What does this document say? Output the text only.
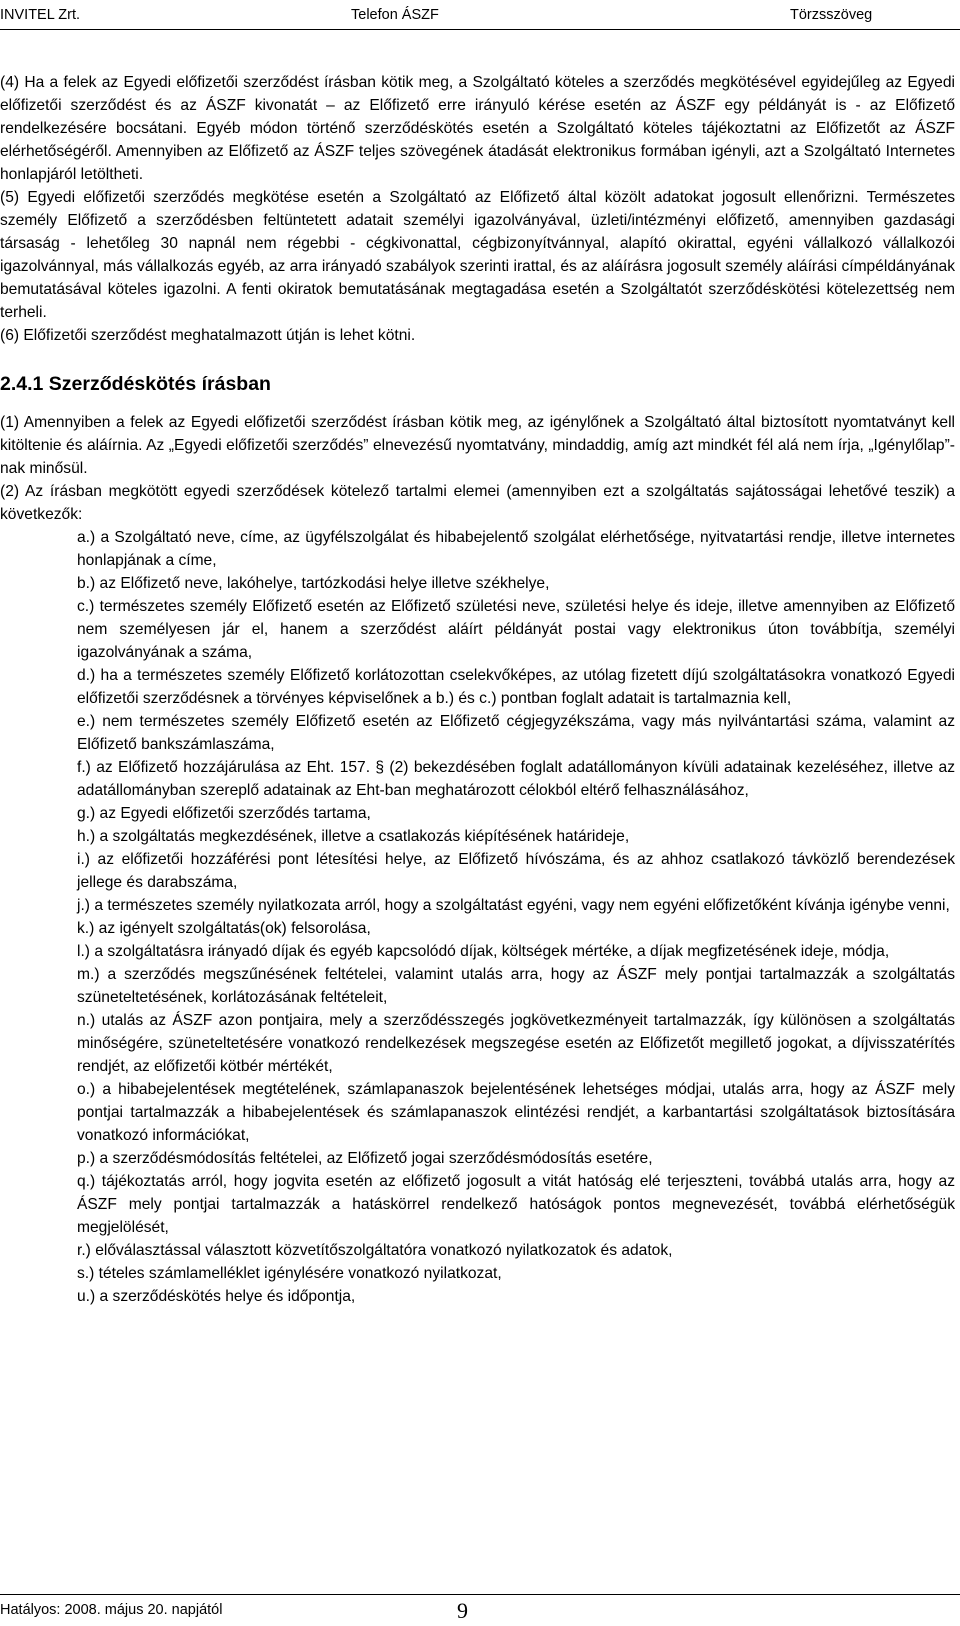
INVITEL Zrt.	Telefon ÁSZF	Törzsszöveg

(4) Ha a felek az Egyedi előfizetői szerződést írásban kötik meg, a Szolgáltató köteles a szerződés megkötésével egyidejűleg az Egyedi előfizetői szerződést és az ÁSZF kivonatát – az Előfizető erre irányuló kérése esetén az ÁSZF egy példányát is - az Előfizető rendelkezésére bocsátani. Egyéb módon történő szerződéskötés esetén a Szolgáltató köteles tájékoztatni az Előfizetőt az ÁSZF elérhetőségéről. Amennyiben az Előfizető az ÁSZF teljes szövegének átadását elektronikus formában igényli, azt a Szolgáltató Internetes honlapjáról letöltheti.

(5) Egyedi előfizetői szerződés megkötése esetén a Szolgáltató az Előfizető által közölt adatokat jogosult ellenőrizni. Természetes személy Előfizető a szerződésben feltüntetett adatait személyi igazolványával, üzleti/intézményi előfizető, amennyiben gazdasági társaság - lehetőleg 30 napnál nem régebbi - cégkivonattal, cégbizonyítvánnyal, alapító okirattal, egyéni vállalkozó vállalkozói igazolvánnyal, más vállalkozás egyéb, az arra irányadó szabályok szerinti irattal, és az aláírásra jogosult személy aláírási címpéldányának bemutatásával köteles igazolni. A fenti okiratok bemutatásának megtagadása esetén a Szolgáltatót szerződéskötési kötelezettség nem terheli.

(6) Előfizetői szerződést meghatalmazott útján is lehet kötni.

2.4.1 Szerződéskötés írásban

(1) Amennyiben a felek az Egyedi előfizetői szerződést írásban kötik meg, az igénylőnek a Szolgáltató által biztosított nyomtatványt kell kitöltenie és aláírnia. Az „Egyedi előfizetői szerződés” elnevezésű nyomtatvány, mindaddig, amíg azt mindkét fél alá nem írja, „Igénylőlap”-nak minősül.

(2) Az írásban megkötött egyedi szerződések kötelező tartalmi elemei (amennyiben ezt a szolgáltatás sajátosságai lehetővé teszik) a következők:

a.) a Szolgáltató neve, címe, az ügyfélszolgálat és hibabejelentő szolgálat elérhetősége, nyitvatartási rendje, illetve internetes honlapjának a címe,
b.) az Előfizető neve, lakóhelye, tartózkodási helye illetve székhelye,
c.) természetes személy Előfizető esetén az Előfizető születési neve, születési helye és ideje, illetve amennyiben az Előfizető nem személyesen jár el, hanem a szerződést aláírt példányát postai vagy elektronikus úton továbbítja, személyi igazolványának a száma,
d.) ha a természetes személy Előfizető korlátozottan cselekvőképes, az utólag fizetett díjú szolgáltatásokra vonatkozó Egyedi előfizetői szerződésnek a törvényes képviselőnek a b.) és c.) pontban foglalt adatait is tartalmaznia kell,
e.) nem természetes személy Előfizető esetén az Előfizető cégjegyzékszáma, vagy más nyilvántartási száma, valamint az Előfizető bankszámlaszáma,
f.) az Előfizető hozzájárulása az Eht. 157. § (2) bekezdésében foglalt adatállományon kívüli adatainak kezeléséhez, illetve az adatállományban szereplő adatainak az Eht-ban meghatározott célokból eltérő felhasználásához,
g.) az Egyedi előfizetői szerződés tartama,
h.) a szolgáltatás megkezdésének, illetve a csatlakozás kiépítésének határideje,
i.) az előfizetői hozzáférési pont létesítési helye, az Előfizető hívószáma, és az ahhoz csatlakozó távközlő berendezések jellege és darabszáma,
j.) a természetes személy nyilatkozata arról, hogy a szolgáltatást egyéni, vagy nem egyéni előfizetőként kívánja igénybe venni,
k.) az igényelt szolgáltatás(ok) felsorolása,
l.) a szolgáltatásra irányadó díjak és egyéb kapcsolódó díjak, költségek mértéke, a díjak megfizetésének ideje, módja,
m.) a szerződés megszűnésének feltételei, valamint utalás arra, hogy az ÁSZF mely pontjai tartalmazzák a szolgáltatás szüneteltetésének, korlátozásának feltételeit,
n.) utalás az ÁSZF azon pontjaira, mely a szerződésszegés jogkövetkezményeit tartalmazzák, így különösen a szolgáltatás minőségére, szüneteltetésére vonatkozó rendelkezések megszegése esetén az Előfizetőt megillető jogokat, a díjvisszatérítés rendjét, az előfizetői kötbér mértékét,
o.) a hibabejelentések megtételének, számlapanaszok bejelentésének lehetséges módjai, utalás arra, hogy az ÁSZF mely pontjai tartalmazzák a hibabejelentések és számlapanaszok elintézési rendjét, a karbantartási szolgáltatások biztosítására vonatkozó információkat,
p.) a szerződésmódosítás feltételei, az Előfizető jogai szerződésmódosítás esetére,
q.) tájékoztatás arról, hogy jogvita esetén az előfizető jogosult a vitát hatóság elé terjeszteni, továbbá utalás arra, hogy az ÁSZF mely pontjai tartalmazzák a hatáskörrel rendelkező hatóságok pontos megnevezését, továbbá elérhetőségük megjelölését,
r.) előválasztással választott közvetítőszolgáltatóra vonatkozó nyilatkozatok és adatok,
s.) tételes számlamelléklet igénylésére vonatkozó nyilatkozat,
u.) a szerződéskötés helye és időpontja,
Hatályos: 2008. május 20. napjától	9
